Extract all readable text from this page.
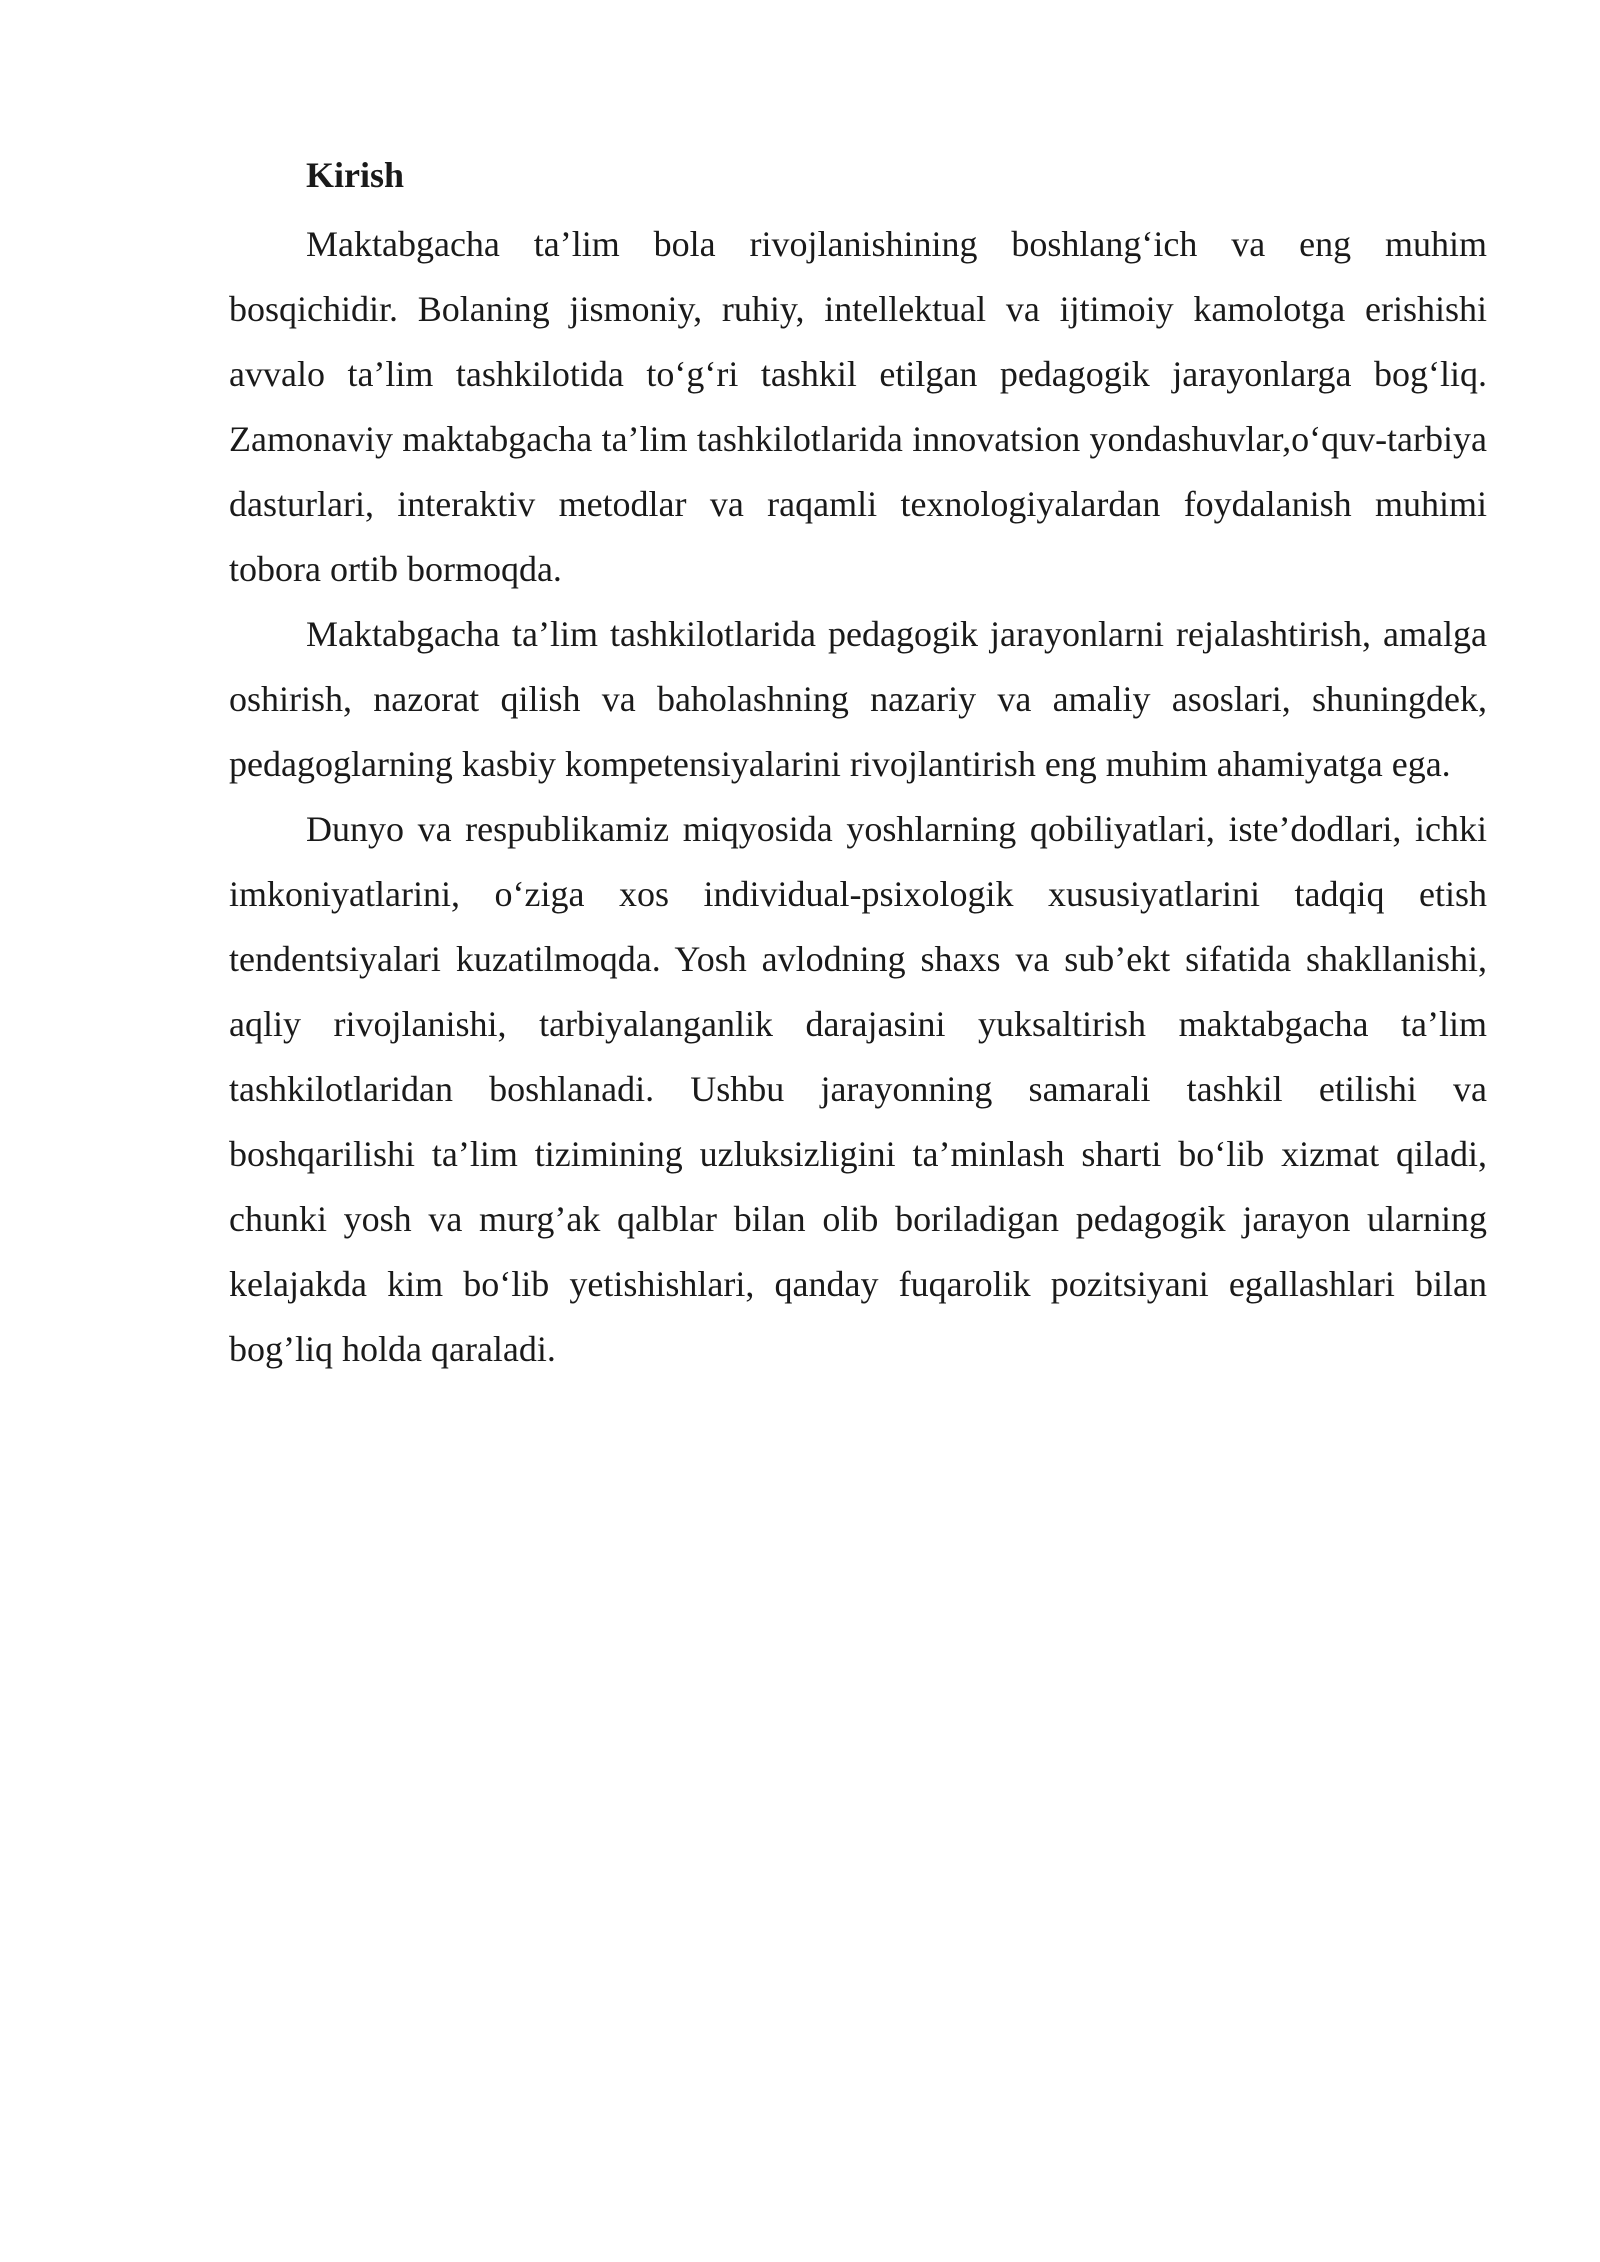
Kirish

Maktabgacha ta’lim bola rivojlanishining boshlang‘ich va eng muhim bosqichidir. Bolaning jismoniy, ruhiy, intellektual va ijtimoiy kamolotga erishishi avvalo ta’lim tashkilotida to‘g‘ri tashkil etilgan pedagogik jarayonlarga bog‘liq. Zamonaviy maktabgacha ta’lim tashkilotlarida innovatsion yondashuvlar,o‘quv-tarbiya dasturlari, interaktiv metodlar va raqamli texnologiyalardan foydalanish muhimi tobora ortib bormoqda.

Maktabgacha ta’lim tashkilotlarida pedagogik jarayonlarni rejalashtirish, amalga oshirish, nazorat qilish va baholashning nazariy va amaliy asoslari, shuningdek, pedagoglarning kasbiy kompetensiyalarini rivojlantirish eng muhim ahamiyatga ega.

Dunyo va respublikamiz miqyosida yoshlarning qobiliyatlari, iste’dodlari, ichki imkoniyatlarini, o‘ziga xos individual-psixologik xususiyatlarini tadqiq etish tendentsiyalari kuzatilmoqda. Yosh avlodning shaxs va sub’ekt sifatida shakllanishi, aqliy rivojlanishi, tarbiyalanganlik darajasini yuksaltirish maktabgacha ta’lim tashkilotlaridan boshlanadi. Ushbu jarayonning samarali tashkil etilishi va boshqarilishi ta’lim tizimining uzluksizligini ta’minlash sharti bo‘lib xizmat qiladi, chunki yosh va murg’ak qalblar bilan olib boriladigan pedagogik jarayon ularning kelajakda kim bo‘lib yetishishlari, qanday fuqarolik pozitsiyani egallashlari bilan bog’liq holda qaraladi.
